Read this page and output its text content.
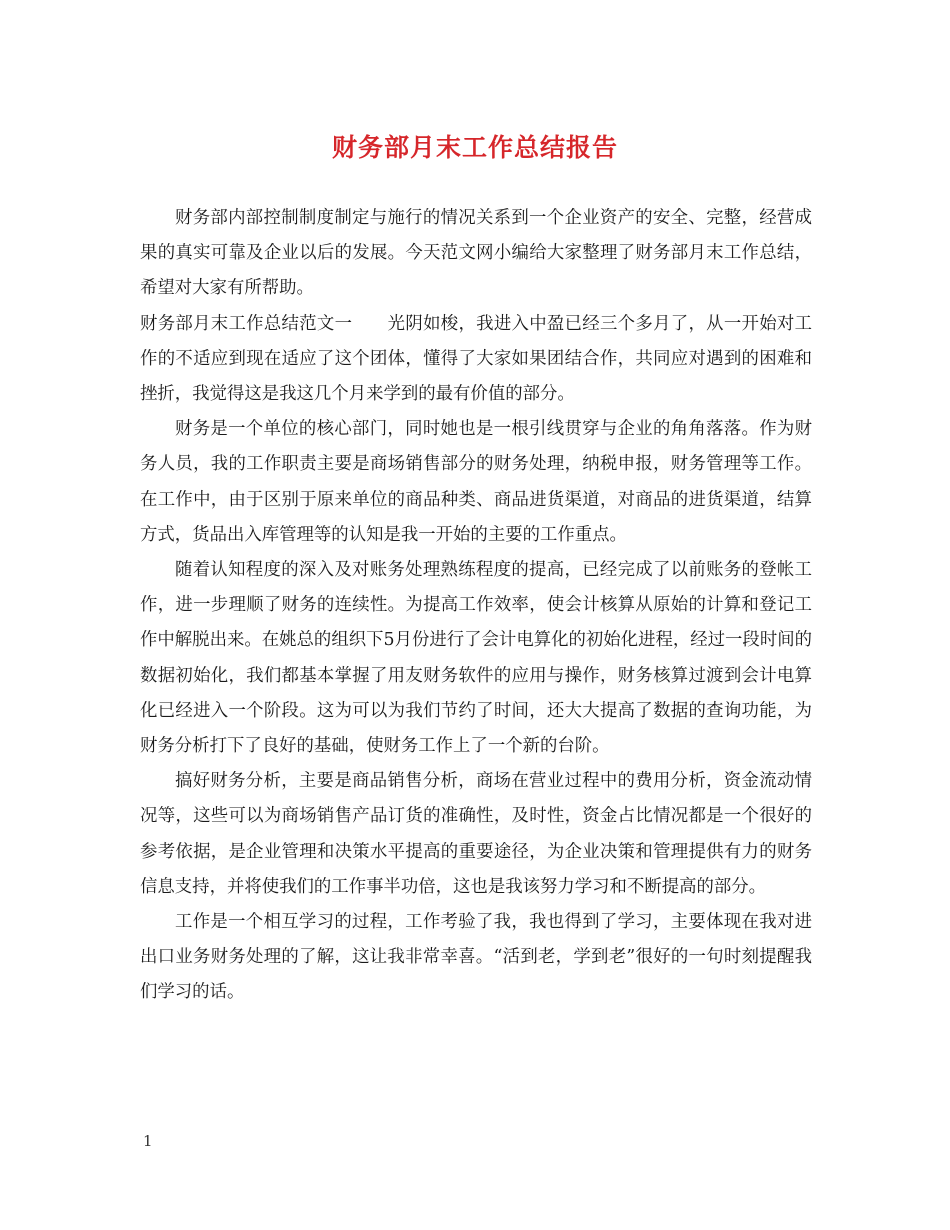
财务部月末工作总结报告

财务部内部控制制度制定与施行的情况关系到一个企业资产的安全、完整，经营成果的真实可靠及企业以后的发展。今天范文网小编给大家整理了财务部月末工作总结，希望对大家有所帮助。

财务部月末工作总结范文一　　光阴如梭，我进入中盈已经三个多月了，从一开始对工作的不适应到现在适应了这个团体，懂得了大家如果团结合作，共同应对遇到的困难和挫折，我觉得这是我这几个月来学到的最有价值的部分。

财务是一个单位的核心部门，同时她也是一根引线贯穿与企业的角角落落。作为财务人员，我的工作职责主要是商场销售部分的财务处理，纳税申报，财务管理等工作。在工作中，由于区别于原来单位的商品种类、商品进货渠道，对商品的进货渠道，结算方式，货品出入库管理等的认知是我一开始的主要的工作重点。

随着认知程度的深入及对账务处理熟练程度的提高，已经完成了以前账务的登帐工作，进一步理顺了财务的连续性。为提高工作效率，使会计核算从原始的计算和登记工作中解脱出来。在姚总的组织下5月份进行了会计电算化的初始化进程，经过一段时间的数据初始化，我们都基本掌握了用友财务软件的应用与操作，财务核算过渡到会计电算化已经进入一个阶段。这为可以为我们节约了时间，还大大提高了数据的查询功能，为财务分析打下了良好的基础，使财务工作上了一个新的台阶。

搞好财务分析，主要是商品销售分析，商场在营业过程中的费用分析，资金流动情况等，这些可以为商场销售产品订货的准确性，及时性，资金占比情况都是一个很好的参考依据，是企业管理和决策水平提高的重要途径，为企业决策和管理提供有力的财务信息支持，并将使我们的工作事半功倍，这也是我该努力学习和不断提高的部分。

工作是一个相互学习的过程，工作考验了我，我也得到了学习，主要体现在我对进出口业务财务处理的了解，这让我非常幸喜。“活到老，学到老”很好的一句时刻提醒我们学习的话。

1
